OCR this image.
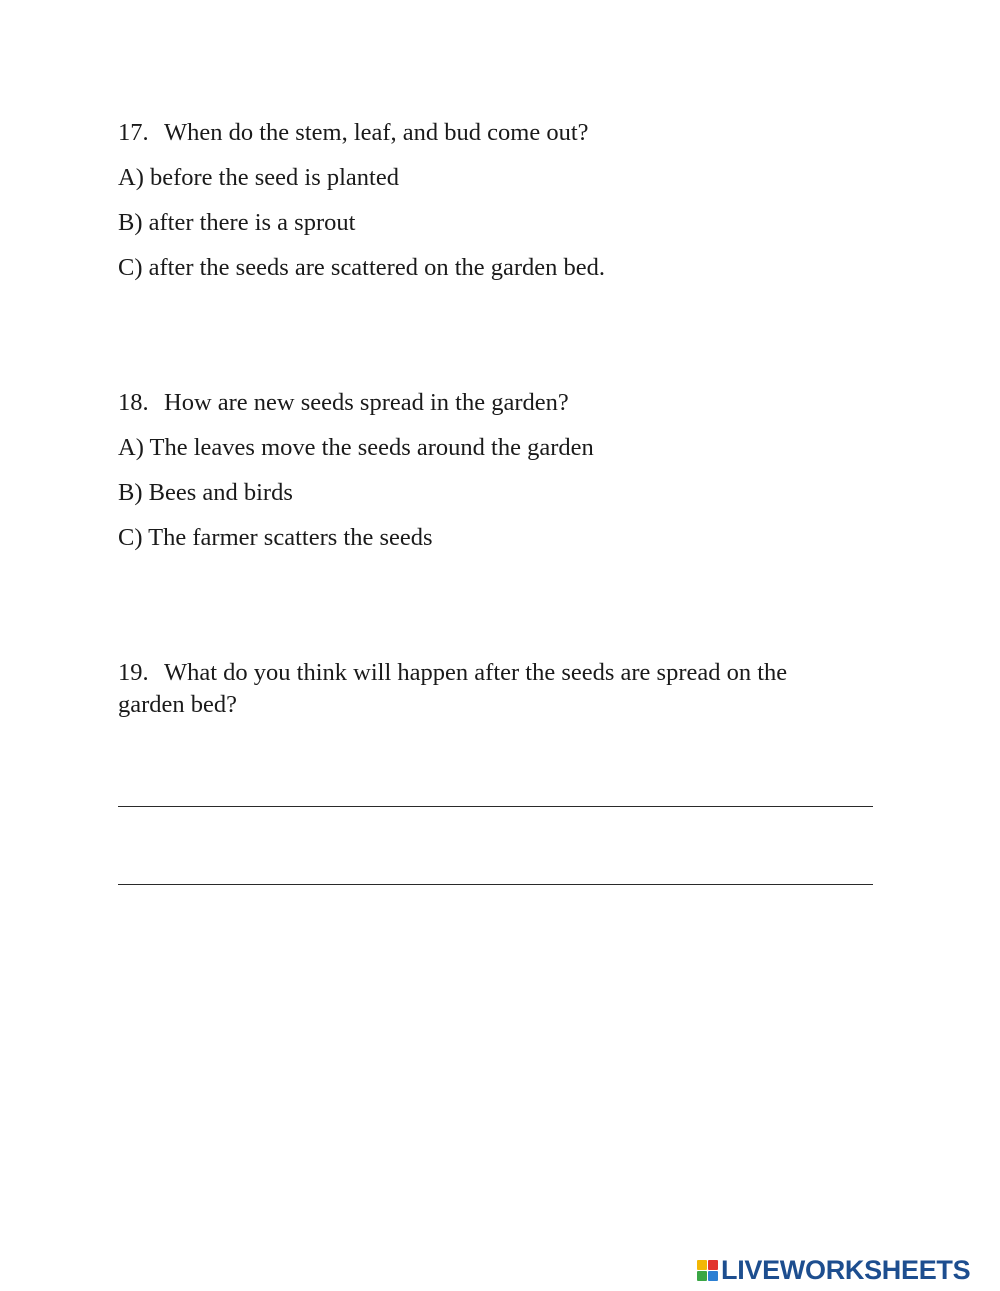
17. When do the stem, leaf, and bud come out?
A) before the seed is planted
B) after there is a sprout
C) after the seeds are scattered on the garden bed.
18. How are new seeds spread in the garden?
A) The leaves move the seeds around the garden
B) Bees and birds
C) The farmer scatters the seeds
19. What do you think will happen after the seeds are spread on the
garden bed?
LIVEWORKSHEETS
